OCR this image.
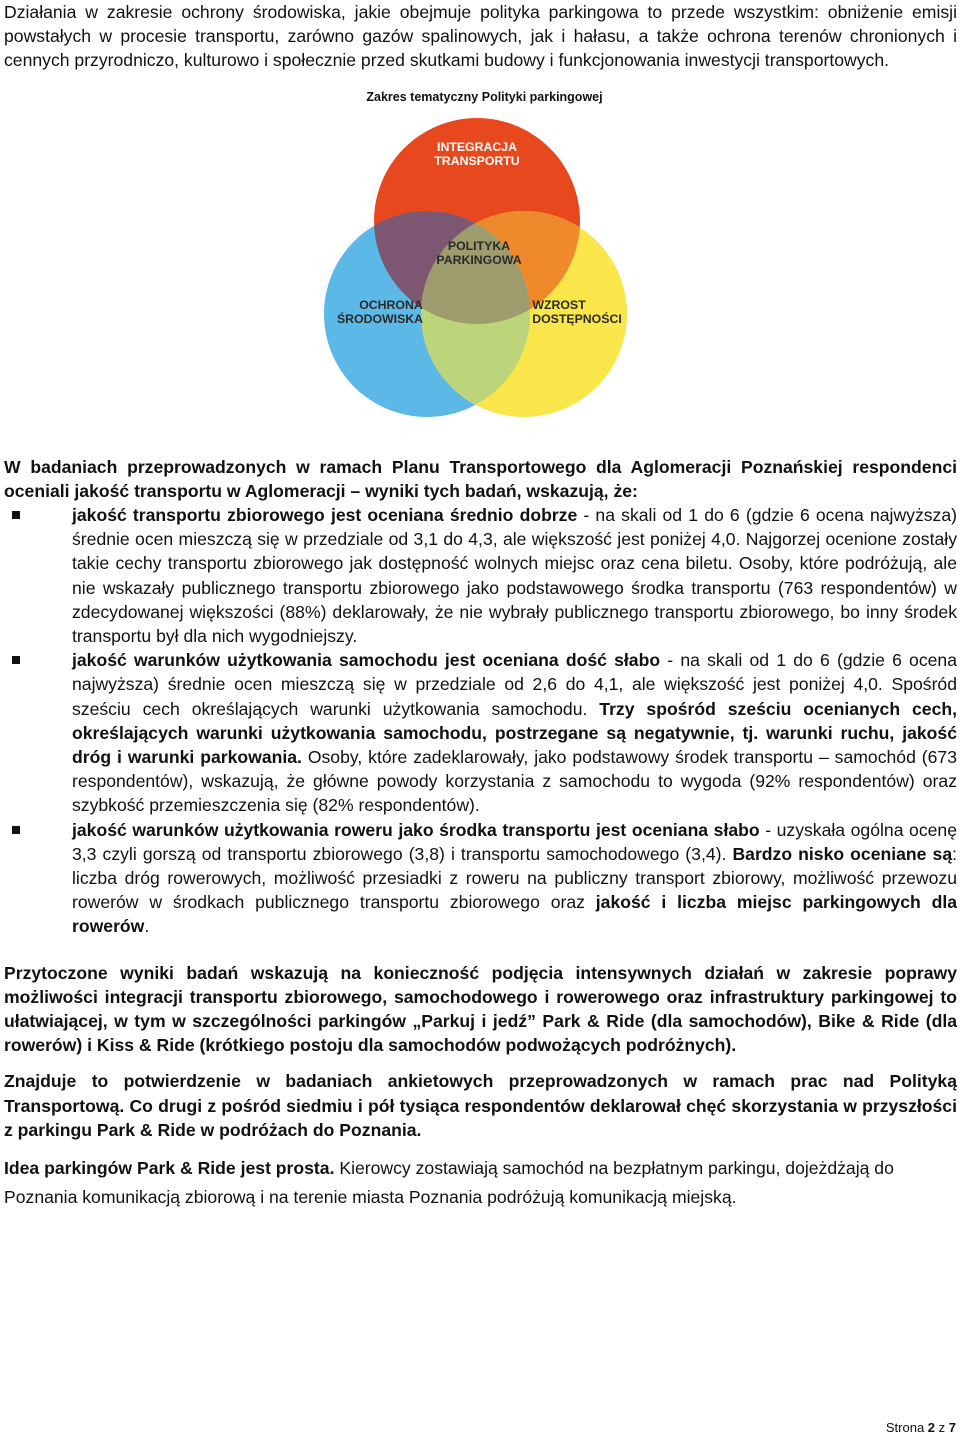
Działania w zakresie ochrony środowiska, jakie obejmuje polityka parkingowa to przede wszystkim: obniżenie emisji powstałych w procesie transportu, zarówno gazów spalinowych, jak i hałasu, a także ochrona terenów chronionych i cennych przyrodniczo, kulturowo i społecznie przed skutkami budowy i funkcjonowania inwestycji transportowych.

Zakres tematyczny Polityki parkingowej

INTEGRACJA
TRANSPORTU
POLITYKA
PARKINGOWA
OCHRONA
ŚRODOWISKA
WZROST
DOSTĘPNOŚCI

W badaniach przeprowadzonych w ramach Planu Transportowego dla Aglomeracji Poznańskiej respondenci oceniali jakość transportu w Aglomeracji – wyniki tych badań, wskazują, że:

jakość transportu zbiorowego jest oceniana średnio dobrze - na skali od 1 do 6 (gdzie 6 ocena najwyższa) średnie ocen mieszczą się w przedziale od 3,1 do 4,3, ale większość jest poniżej 4,0. Najgorzej ocenione zostały takie cechy transportu zbiorowego jak dostępność wolnych miejsc oraz cena biletu. Osoby, które podróżują, ale nie wskazały publicznego transportu zbiorowego jako podstawowego środka transportu (763 respondentów) w zdecydowanej większości (88%) deklarowały, że nie wybrały publicznego transportu zbiorowego, bo inny środek transportu był dla nich wygodniejszy.
jakość warunków użytkowania samochodu jest oceniana dość słabo - na skali od 1 do 6 (gdzie 6 ocena najwyższa) średnie ocen mieszczą się w przedziale od 2,6 do 4,1, ale większość jest poniżej 4,0. Spośród sześciu cech określających warunki użytkowania samochodu. Trzy spośród sześciu ocenianych cech, określających warunki użytkowania samochodu, postrzegane są negatywnie, tj. warunki ruchu, jakość dróg i warunki parkowania. Osoby, które zadeklarowały, jako podstawowy środek transportu – samochód (673 respondentów), wskazują, że główne powody korzystania z samochodu to wygoda (92% respondentów) oraz szybkość przemieszczenia się (82% respondentów).
jakość warunków użytkowania roweru jako środka transportu jest oceniana słabo - uzyskała ogólna ocenę 3,3 czyli gorszą od transportu zbiorowego (3,8) i transportu samochodowego (3,4). Bardzo nisko oceniane są: liczba dróg rowerowych, możliwość przesiadki z roweru na publiczny transport zbiorowy, możliwość przewozu rowerów w środkach publicznego transportu zbiorowego oraz jakość i liczba miejsc parkingowych dla rowerów.

Przytoczone wyniki badań wskazują na konieczność podjęcia intensywnych działań w zakresie poprawy możliwości integracji transportu zbiorowego, samochodowego i rowerowego oraz infrastruktury parkingowej to ułatwiającej, w tym w szczególności parkingów „Parkuj i jedź” Park & Ride (dla samochodów), Bike & Ride (dla rowerów) i Kiss & Ride (krótkiego postoju dla samochodów podwożących podróżnych).

Znajduje to potwierdzenie w badaniach ankietowych przeprowadzonych w ramach prac nad Polityką Transportową. Co drugi z pośród siedmiu i pół tysiąca respondentów deklarował chęć skorzystania w przyszłości z parkingu Park & Ride w podróżach do Poznania.

Idea parkingów Park & Ride jest prosta. Kierowcy zostawiają samochód na bezpłatnym parkingu, dojeżdżają do Poznania komunikacją zbiorową i na terenie miasta Poznania podróżują komunikacją miejską.

Strona 2 z 7
